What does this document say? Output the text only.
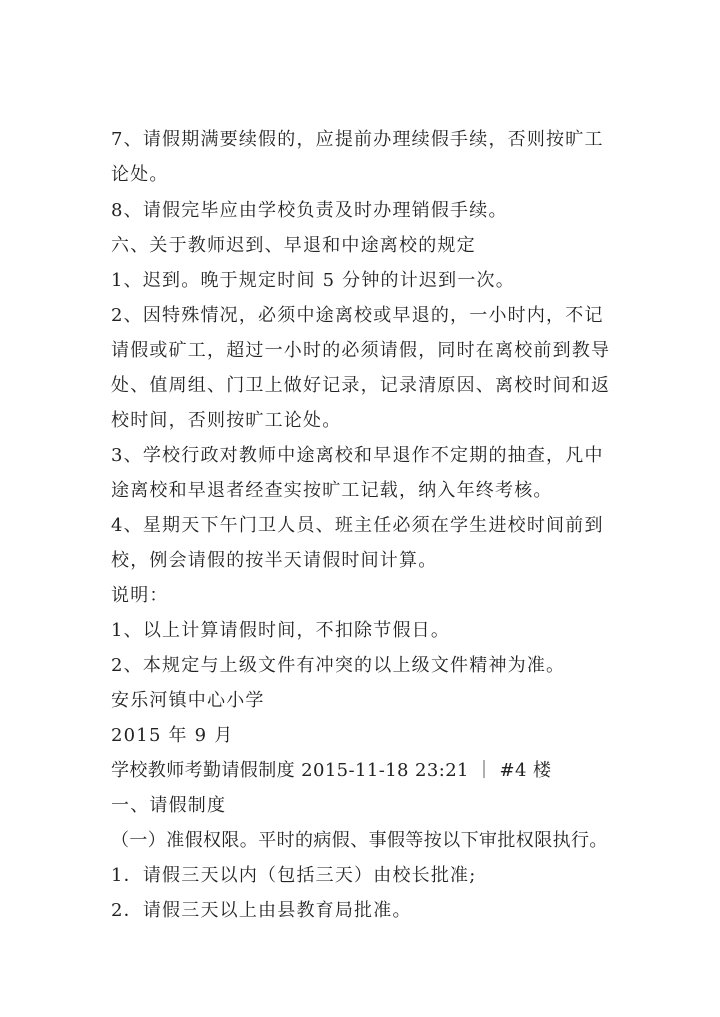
7、请假期满要续假的，应提前办理续假手续，否则按旷工
论处。
8、请假完毕应由学校负责及时办理销假手续。
六、关于教师迟到、早退和中途离校的规定
1、迟到。晚于规定时间 5 分钟的计迟到一次。
2、因特殊情况，必须中途离校或早退的，一小时内，不记
请假或矿工，超过一小时的必须请假，同时在离校前到教导
处、值周组、门卫上做好记录，记录清原因、离校时间和返
校时间，否则按旷工论处。
3、学校行政对教师中途离校和早退作不定期的抽查，凡中
途离校和早退者经查实按旷工记载，纳入年终考核。
4、星期天下午门卫人员、班主任必须在学生进校时间前到
校，例会请假的按半天请假时间计算。
说明：
1、以上计算请假时间，不扣除节假日。
2、本规定与上级文件有冲突的以上级文件精神为准。
安乐河镇中心小学
2015 年 9 月
学校教师考勤请假制度 2015-11-18 23:21 ｜ #4 楼
一、请假制度
（一）准假权限。平时的病假、事假等按以下审批权限执行。
1．请假三天以内（包括三天）由校长批准;
2．请假三天以上由县教育局批准。
